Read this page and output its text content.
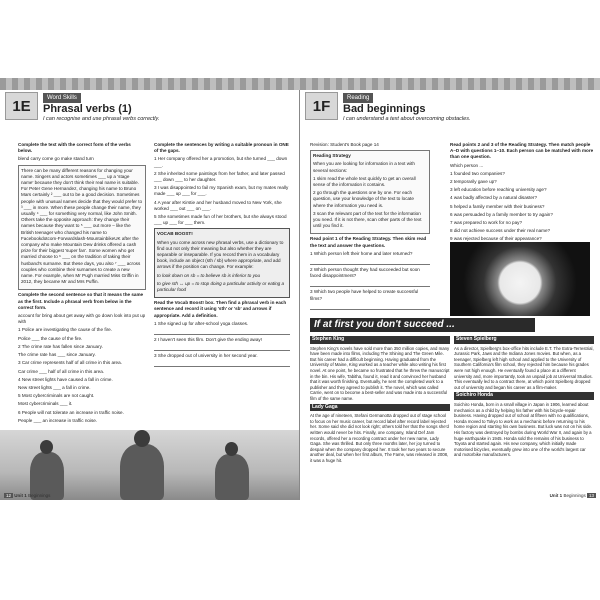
1E	Word Skills
Phrasal verbs (1)
I can recognise and use phrasal verbs correctly.

Complete the text with the correct form of the verbs below.

blend carry come go make stand turn

There can be many different reasons for changing your name. Singers and actors sometimes ___ up a 'stage name' because they don't think their real name is suitable. For Peter Gene Hernandez, changing his name to Bruno Mars certainly ² ___ out to be a good decision. Sometimes people with unusual names decide that they would prefer to ³ ___ in more. When these people change their name, they usually ⁴ ___ for something very normal, like John Smith. Others take the opposite approach: they change their names because they want to ⁵ ___ out more – like the British teenager who changed his name to Facebookdotcom-Forwardslash-MountainbikeUK after the company who make Mountain Dew drinks offered a cash prize for their biggest 'super fan'. Some women who get married choose to ⁶ ___ on the tradition of taking their husband's surname. But these days, you also ⁷ ___ across couples who combine their surnames to create a new name. For example, when Mr Pugh married Miss Griffin in 2012, they became Mr and Mrs Puffin.

Complete the second sentence so that it means the same as the first. Include a phrasal verb from below in the correct form.

account for bring about get away with go down look into put up with

1 Police are investigating the cause of the fire.

Police ___ the cause of the fire.

2 The crime rate has fallen since January.

The crime rate has ___ since January.

3 Car crime represents half of all crime in this area.

Car crime ___ half of all crime in this area.

4 New street lights have caused a fall in crime.

New street lights ___ a fall in crime.

5 Most cybercriminals are not caught.

Most cybercriminals ___ it.

6 People will not tolerate an increase in traffic noise.

People ___ an increase in traffic noise.

Complete the sentences by writing a suitable pronoun in ONE of the gaps.

1 Her company offered her a promotion, but she turned ___ down ___.

2 She inherited some paintings from her father, and later passed ___ down ___ to her daughter.

3 I was disappointed to fail my Spanish exam, but my mates really made ___ up ___ for ___.

4 A year after Kirstie and her husband moved to New York, she worked ___ out ___ on ___.

5 She sometimes made fun of her brothers, but she always stood ___ up ___ for ___ them.

VOCAB BOOST!

When you come across new phrasal verbs, use a dictionary to find out not only their meaning but also whether they are separable or inseparable. If you record them in a vocabulary book, include an object (sth / sb) where appropriate, and add arrows if the position can change. For example:

to look down on sb = to believe sb is inferior to you

to give sth ↔ up = to stop doing a particular activity or eating a particular food

Read the Vocab Boost! box. Then find a phrasal verb in each sentence and record it using 'sth' or 'sb' and arrows if appropriate. Add a definition.

1 She signed up for after-school yoga classes.

2 I haven't seen this film. Don't give the ending away!

3 She dropped out of university in her second year.

12 Unit 1 Beginnings
1F	Reading
Bad beginnings
I can understand a text about overcoming obstacles.

Revision: Student's Book page 14

Reading Strategy

When you are looking for information in a text with several sections:

1 skim read the whole text quickly to get an overall sense of the information it contains.

2 go through the questions one by one. For each question, use your knowledge of the text to locate where the information you need is.

3 scan the relevant part of the text for the information you need. If it is not there, scan other parts of the text until you find it.

Read point 1 of the Reading Strategy. Then skim read the text and answer the questions.

1 Which person left their home and later returned?

2 Which person thought they had succeeded but soon faced disappointment?

3 Which two people have helped to create successful films?

Read points 2 and 3 of the Reading Strategy. Then match people A–D with questions 1–10. Each person can be matched with more than one question.

Which person ...

1 founded two companies?

2 temporarily gave up?

3 left education before reaching university age?

4 was badly affected by a natural disaster?

5 helped a family member with their business?

6 was persuaded by a family member to try again?

7 was prepared to work for no pay?

8 did not achieve success under their real name?

9 was rejected because of their appearance?

If at first you don't succeed ...
Stephen King

Stephen King's novels have sold more than 350 million copies, and many have been made into films, including The Shining and The Green Mile. But his career had a difficult beginning. Having graduated from the University of Maine, King worked as a teacher while also writing his first novel. At one point, he became so frustrated that he threw the manuscript in the bin. His wife, Tabitha, found it, read it and convinced her husband that it was worth finishing. Eventually, he sent the completed work to a publisher and they agreed to publish it. The novel, which was called Carrie, went on to become a best-seller and was made into a successful film of the same name.

Lady Gaga

At the age of nineteen, Stefani Germanotta dropped out of stage school to focus on her music career, but record label after record label rejected her. Some said she did not look right; others told her that the songs she'd written would never be hits. Finally, one company, Island Def Jam records, offered her a recording contract under her new name, Lady Gaga. She was thrilled. But only three months later, her joy turned to despair when the company dropped her. It took her two years to secure another deal, but when her first album, The Fame, was released in 2008, it was a huge hit.

Steven Spielberg

As a director, Spielberg's box-office hits include E.T. The Extra-Terrestrial, Jurassic Park, Jaws and the Indiana Jones movies. But when, as a teenager, Spielberg left high school and applied to the University of Southern California's film school, they rejected him because his grades were not high enough. He eventually found a place at a different university and, more importantly, took an unpaid job at Universal Studios. This eventually led to a contract there, at which point Spielberg dropped out of university and began his career as a film-maker.

Soichiro Honda

Soichiro Honda, born in a small village in Japan in 1906, learned about mechanics as a child by helping his father with his bicycle-repair business. Having dropped out of school at fifteen with no qualifications, Honda moved to Tokyo to work as a mechanic before returning to his home region and starting his own business. But luck was not on his side. His factory was destroyed by bombs during World War II, and again by a huge earthquake in 1945. Honda sold the remains of his business to Toyota and started again. His new company, which initially made motorised bicycles, eventually grew into one of the world's largest car and motorbike manufacturers.

Unit 1 Beginnings 13
